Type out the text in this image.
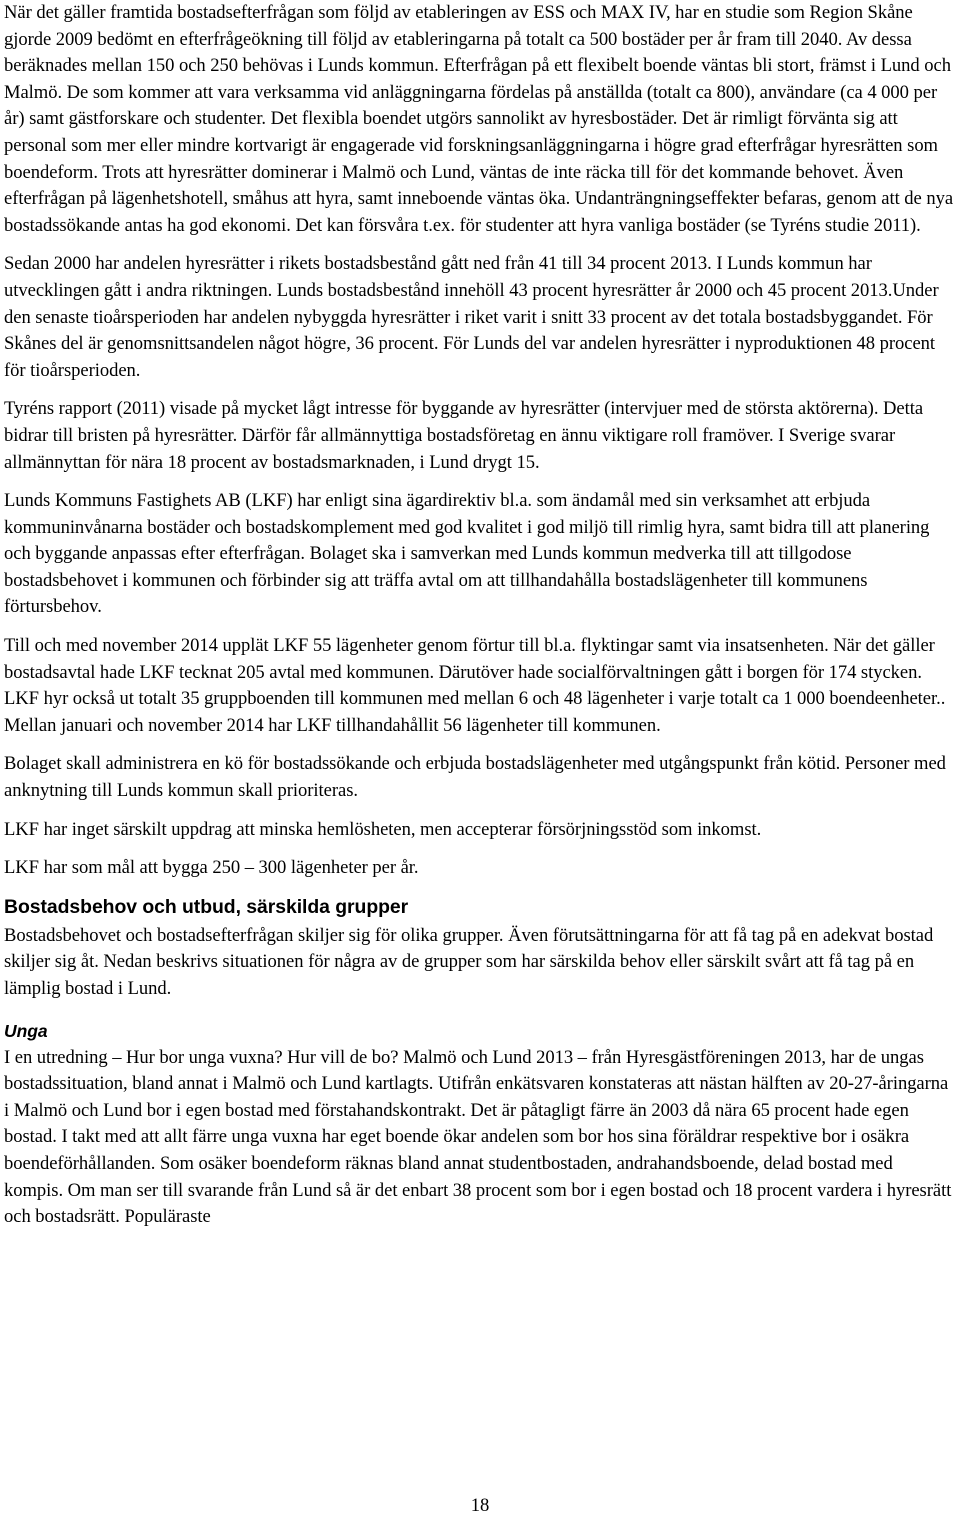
När det gäller framtida bostadsefterfrågan som följd av etableringen av ESS och MAX IV, har en studie som Region Skåne gjorde 2009 bedömt en efterfrågeökning till följd av etableringarna på totalt ca 500 bostäder per år fram till 2040. Av dessa beräknades mellan 150 och 250 behövas i Lunds kommun. Efterfrågan på ett flexibelt boende väntas bli stort, främst i Lund och Malmö. De som kommer att vara verksamma vid anläggningarna fördelas på anställda (totalt ca 800), användare (ca 4 000 per år) samt gästforskare och studenter. Det flexibla boendet utgörs sannolikt av hyresbostäder. Det är rimligt förvänta sig att personal som mer eller mindre kortvarigt är engagerade vid forskningsanläggningarna i högre grad efterfrågar hyresrätten som boendeform. Trots att hyresrätter dominerar i Malmö och Lund, väntas de inte räcka till för det kommande behovet. Även efterfrågan på lägenhetshotell, småhus att hyra, samt inneboende väntas öka. Undanträngningseffekter befaras, genom att de nya bostadssökande antas ha god ekonomi. Det kan försvåra t.ex. för studenter att hyra vanliga bostäder (se Tyréns studie 2011).

Sedan 2000 har andelen hyresrätter i rikets bostadsbestånd gått ned från 41 till 34 procent 2013. I Lunds kommun har utvecklingen gått i andra riktningen. Lunds bostadsbestånd innehöll 43 procent hyresrätter år 2000 och 45 procent 2013.Under den senaste tioårsperioden har andelen nybyggda hyresrätter i riket varit i snitt 33 procent av det totala bostadsbyggandet. För Skånes del är genomsnittsandelen något högre, 36 procent. För Lunds del var andelen hyresrätter i nyproduktionen 48 procent för tioårsperioden.

Tyréns rapport (2011) visade på mycket lågt intresse för byggande av hyresrätter (intervjuer med de största aktörerna). Detta bidrar till bristen på hyresrätter. Därför får allmännyttiga bostadsföretag en ännu viktigare roll framöver. I Sverige svarar allmännyttan för nära 18 procent av bostadsmarknaden, i Lund drygt 15.

Lunds Kommuns Fastighets AB (LKF) har enligt sina ägardirektiv bl.a. som ändamål med sin verksamhet att erbjuda kommuninvånarna bostäder och bostadskomplement med god kvalitet i god miljö till rimlig hyra, samt bidra till att planering och byggande anpassas efter efterfrågan. Bolaget ska i samverkan med Lunds kommun medverka till att tillgodose bostadsbehovet i kommunen och förbinder sig att träffa avtal om att tillhandahålla bostadslägenheter till kommunens förtursbehov.

Till och med november 2014 upplät LKF 55 lägenheter genom förtur till bl.a. flyktingar samt via insatsenheten. När det gäller bostadsavtal hade LKF tecknat 205 avtal med kommunen. Därutöver hade socialförvaltningen gått i borgen för 174 stycken. LKF hyr också ut totalt 35 gruppboenden till kommunen med mellan 6 och 48 lägenheter i varje totalt ca 1 000 boendeenheter.. Mellan januari och november 2014 har LKF tillhandahållit 56 lägenheter till kommunen.

Bolaget skall administrera en kö för bostadssökande och erbjuda bostadslägenheter med utgångspunkt från kötid. Personer med anknytning till Lunds kommun skall prioriteras.

LKF har inget särskilt uppdrag att minska hemlösheten, men accepterar försörjningsstöd som inkomst.

LKF har som mål att bygga 250 – 300 lägenheter per år.

Bostadsbehov och utbud, särskilda grupper

Bostadsbehovet och bostadsefterfrågan skiljer sig för olika grupper. Även förutsättningarna för att få tag på en adekvat bostad skiljer sig åt. Nedan beskrivs situationen för några av de grupper som har särskilda behov eller särskilt svårt att få tag på en lämplig bostad i Lund.

Unga

I en utredning – Hur bor unga vuxna? Hur vill de bo? Malmö och Lund 2013 – från Hyresgästföreningen 2013, har de ungas bostadssituation, bland annat i Malmö och Lund kartlagts. Utifrån enkätsvaren konstateras att nästan hälften av 20-27-åringarna i Malmö och Lund bor i egen bostad med förstahandskontrakt. Det är påtagligt färre än 2003 då nära 65 procent hade egen bostad. I takt med att allt färre unga vuxna har eget boende ökar andelen som bor hos sina föräldrar respektive bor i osäkra boendeförhållanden. Som osäker boendeform räknas bland annat studentbostaden, andrahandsboende, delad bostad med kompis. Om man ser till svarande från Lund så är det enbart 38 procent som bor i egen bostad och 18 procent vardera i hyresrätt och bostadsrätt. Populäraste

18
